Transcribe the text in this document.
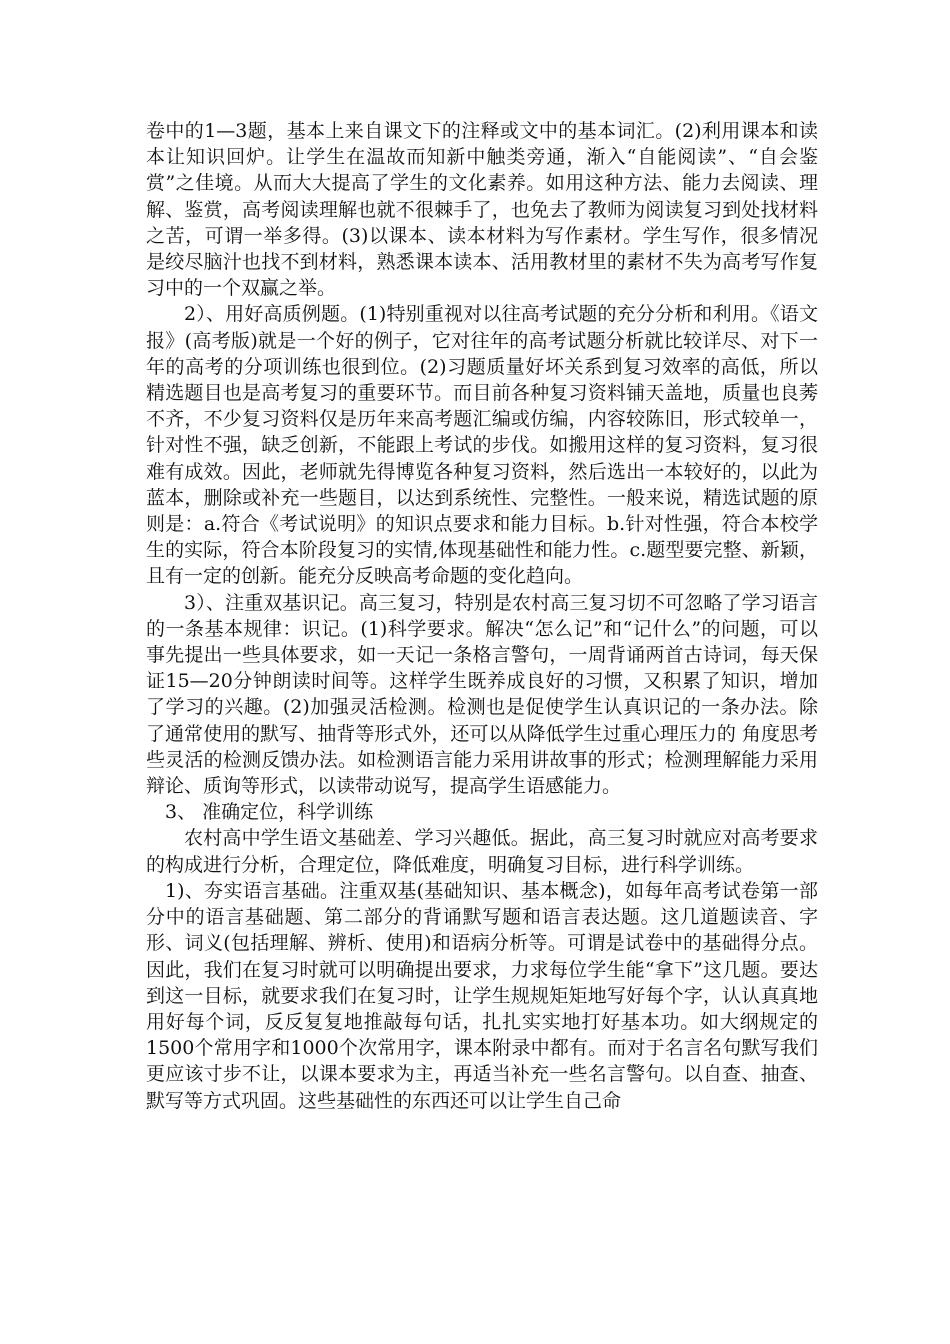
卷中的1—3题，基本上来自课文下的注释或文中的基本词汇。(2)利用课本和读本让知识回炉。让学生在温故而知新中触类旁通，渐入“自能阅读”、“自会鉴赏”之佳境。从而大大提高了学生的文化素养。如用这种方法、能力去阅读、理解、鉴赏，高考阅读理解也就不很棘手了，也免去了教师为阅读复习到处找材料之苦，可谓一举多得。(3)以课本、读本材料为写作素材。学生写作，很多情况是绞尽脑汁也找不到材料，熟悉课本读本、活用教材里的素材不失为高考写作复习中的一个双赢之举。

2）、用好高质例题。(1)特别重视对以往高考试题的充分分析和利用。《语文报》(高考版)就是一个好的例子，它对往年的高考试题分析就比较详尽、对下一年的高考的分项训练也很到位。(2)习题质量好坏关系到复习效率的高低，所以精选题目也是高考复习的重要环节。而目前各种复习资料铺天盖地，质量也良莠不齐，不少复习资料仅是历年来高考题汇编或仿编，内容较陈旧，形式较单一，针对性不强，缺乏创新，不能跟上考试的步伐。如搬用这样的复习资料，复习很难有成效。因此，老师就先得博览各种复习资料，然后选出一本较好的，以此为蓝本，删除或补充一些题目，以达到系统性、完整性。一般来说，精选试题的原则是：a.符合《考试说明》的知识点要求和能力目标。b.针对性强，符合本校学生的实际，符合本阶段复习的实情,体现基础性和能力性。c.题型要完整、新颖，且有一定的创新。能充分反映高考命题的变化趋向。

3）、注重双基识记。高三复习，特别是农村高三复习切不可忽略了学习语言的一条基本规律：识记。(1)科学要求。解决“怎么记”和“记什么”的问题，可以事先提出一些具体要求，如一天记一条格言警句，一周背诵两首古诗词，每天保证15—20分钟朗读时间等。这样学生既养成良好的习惯，又积累了知识，增加了学习的兴趣。(2)加强灵活检测。检测也是促使学生认真识记的一条办法。除了通常使用的默写、抽背等形式外，还可以从降低学生过重心理压力的 角度思考些灵活的检测反馈办法。如检测语言能力采用讲故事的形式；检测理解能力采用辩论、质询等形式，以读带动说写，提高学生语感能力。

3、 准确定位，科学训练

农村高中学生语文基础差、学习兴趣低。据此，高三复习时就应对高考要求的构成进行分析，合理定位，降低难度，明确复习目标，进行科学训练。

1)、夯实语言基础。注重双基(基础知识、基本概念)，如每年高考试卷第一部分中的语言基础题、第二部分的背诵默写题和语言表达题。这几道题读音、字形、词义(包括理解、辨析、使用)和语病分析等。可谓是试卷中的基础得分点。因此，我们在复习时就可以明确提出要求，力求每位学生能“拿下”这几题。要达到这一目标，就要求我们在复习时，让学生规规矩矩地写好每个字，认认真真地用好每个词，反反复复地推敲每句话，扎扎实实地打好基本功。如大纲规定的1500个常用字和1000个次常用字，课本附录中都有。而对于名言名句默写我们更应该寸步不让，以课本要求为主，再适当补充一些名言警句。以自查、抽查、默写等方式巩固。这些基础性的东西还可以让学生自己命
